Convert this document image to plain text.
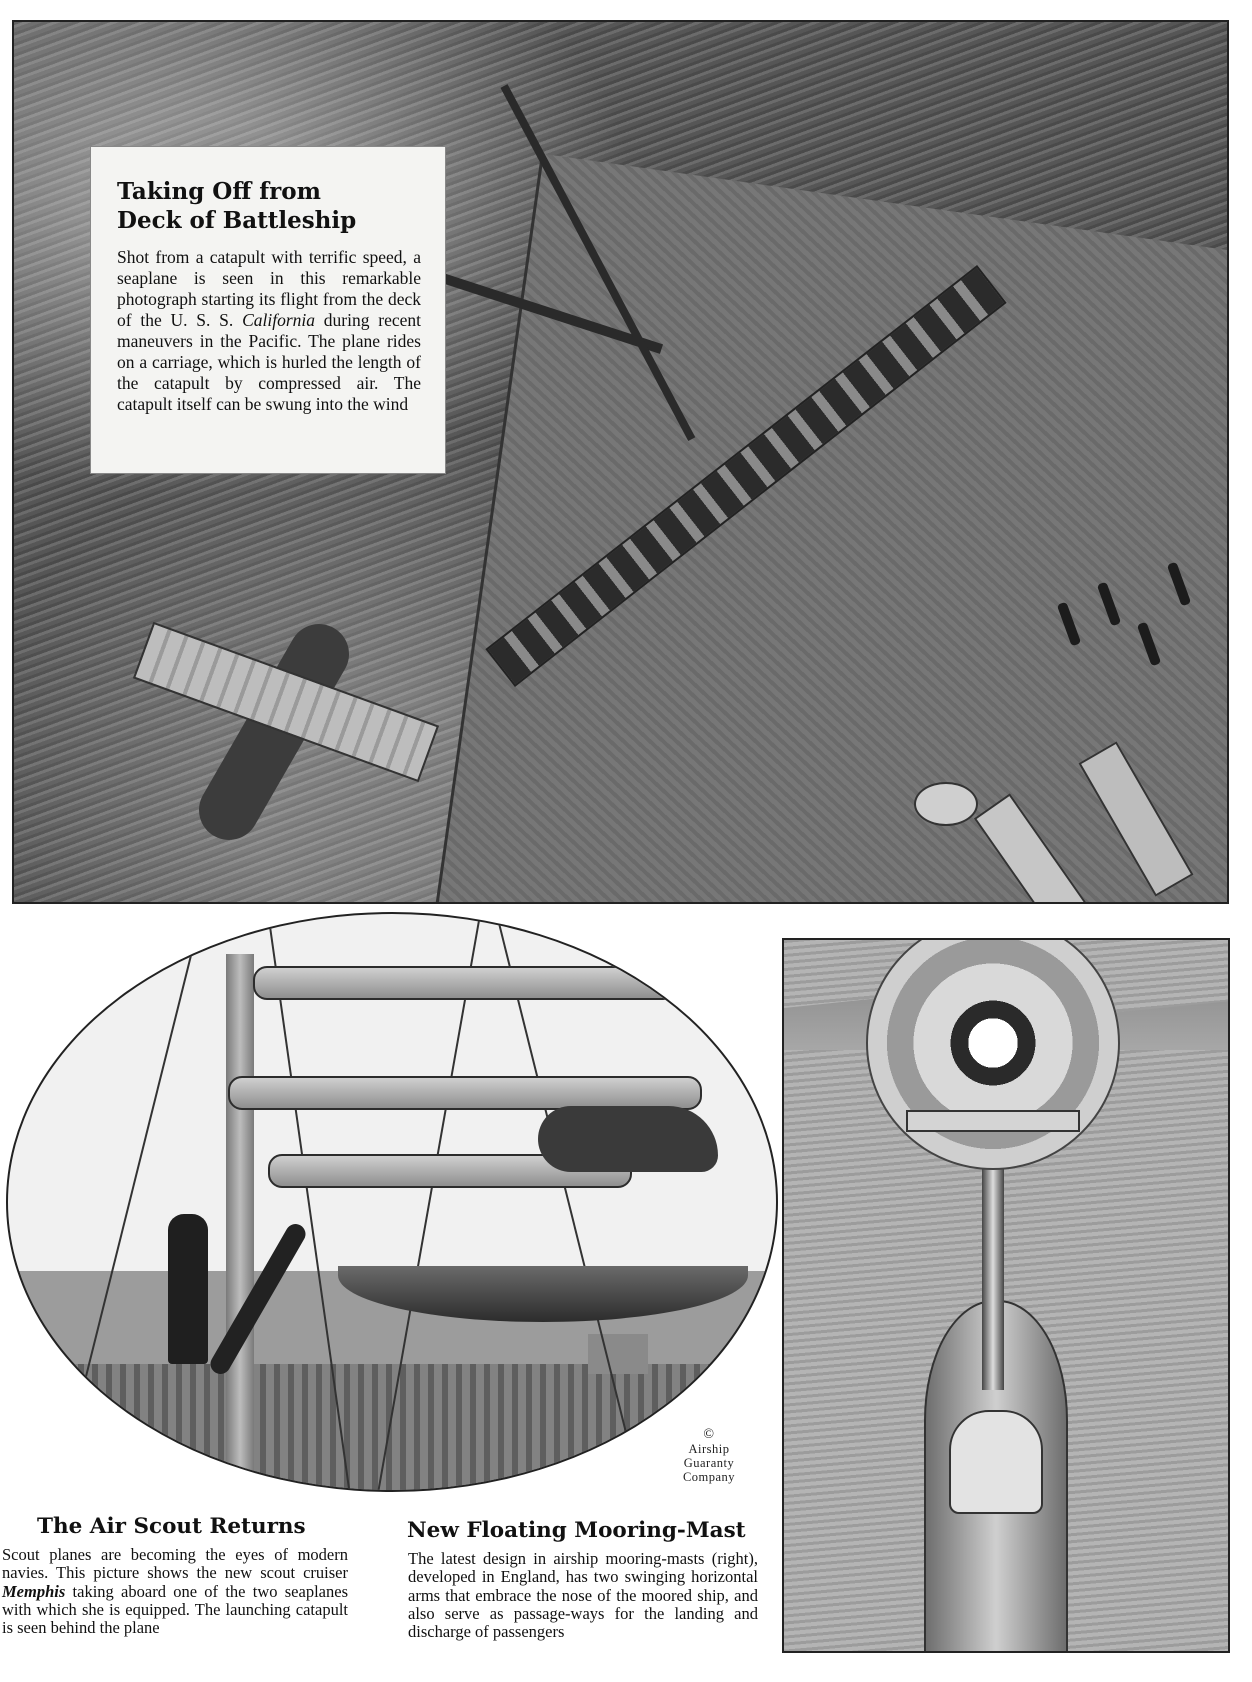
Taking Off from
Deck of Battleship

Shot from a catapult with terrific speed, a seaplane is seen in this remarkable photograph starting its flight from the deck of the U. S. S. California during recent maneuvers in the Pacific. The plane rides on a carriage, which is hurled the length of the catapult by compressed air. The catapult itself can be swung into the wind

©
Airship
Guaranty
Company
The Air Scout Returns

Scout planes are becoming the eyes of modern navies. This picture shows the new scout cruiser Memphis taking aboard one of the two seaplanes with which she is equipped. The launching catapult is seen behind the plane

New Floating Mooring-Mast

The latest design in airship mooring-masts (right), developed in England, has two swinging horizontal arms that embrace the nose of the moored ship, and also serve as passage-ways for the landing and discharge of passengers
